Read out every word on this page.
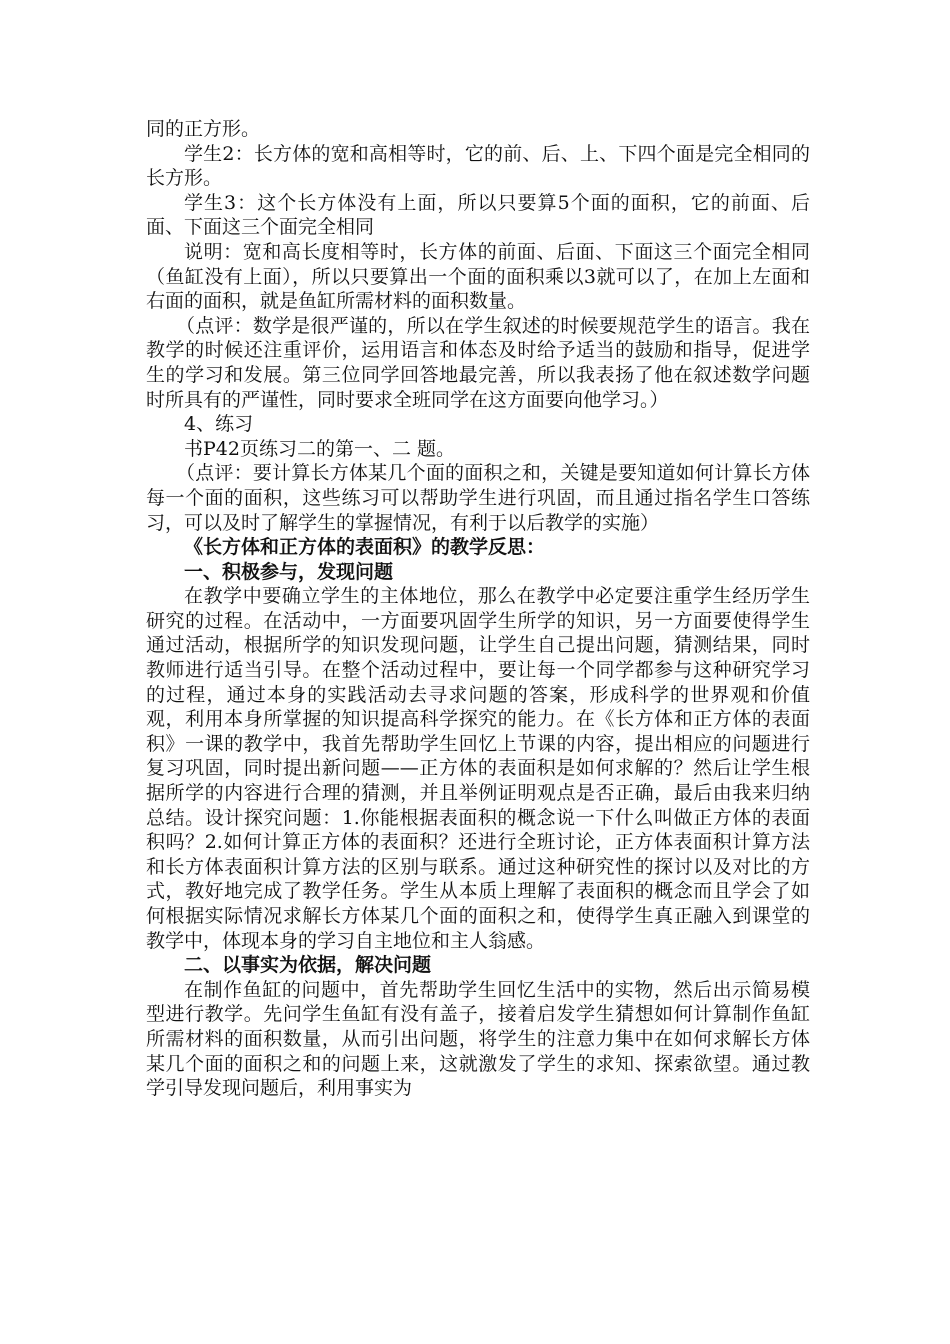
同的正方形。

学生2：长方体的宽和高相等时，它的前、后、上、下四个面是完全相同的长方形。

学生3：这个长方体没有上面，所以只要算5个面的面积，它的前面、后面、下面这三个面完全相同

说明：宽和高长度相等时，长方体的前面、后面、下面这三个面完全相同（鱼缸没有上面），所以只要算出一个面的面积乘以3就可以了，在加上左面和右面的面积，就是鱼缸所需材料的面积数量。

（点评：数学是很严谨的，所以在学生叙述的时候要规范学生的语言。我在教学的时候还注重评价，运用语言和体态及时给予适当的鼓励和指导，促进学生的学习和发展。第三位同学回答地最完善，所以我表扬了他在叙述数学问题时所具有的严谨性，同时要求全班同学在这方面要向他学习。）

4、练习

书P42页练习二的第一、二 题。

（点评：要计算长方体某几个面的面积之和，关键是要知道如何计算长方体每一个面的面积，这些练习可以帮助学生进行巩固，而且通过指名学生口答练习，可以及时了解学生的掌握情况，有利于以后教学的实施）

《长方体和正方体的表面积》的教学反思：

一、积极参与，发现问题

在教学中要确立学生的主体地位，那么在教学中必定要注重学生经历学生研究的过程。在活动中，一方面要巩固学生所学的知识，另一方面要使得学生通过活动，根据所学的知识发现问题，让学生自己提出问题，猜测结果，同时教师进行适当引导。在整个活动过程中，要让每一个同学都参与这种研究学习的过程，通过本身的实践活动去寻求问题的答案，形成科学的世界观和价值观，利用本身所掌握的知识提高科学探究的能力。在《长方体和正方体的表面积》一课的教学中，我首先帮助学生回忆上节课的内容，提出相应的问题进行复习巩固，同时提出新问题——正方体的表面积是如何求解的？然后让学生根据所学的内容进行合理的猜测，并且举例证明观点是否正确，最后由我来归纳总结。设计探究问题：1.你能根据表面积的概念说一下什么叫做正方体的表面积吗？2.如何计算正方体的表面积？还进行全班讨论，正方体表面积计算方法和长方体表面积计算方法的区别与联系。通过这种研究性的探讨以及对比的方式，教好地完成了教学任务。学生从本质上理解了表面积的概念而且学会了如何根据实际情况求解长方体某几个面的面积之和，使得学生真正融入到课堂的教学中，体现本身的学习自主地位和主人翁感。

二、以事实为依据，解决问题

在制作鱼缸的问题中，首先帮助学生回忆生活中的实物，然后出示简易模型进行教学。先问学生鱼缸有没有盖子，接着启发学生猜想如何计算制作鱼缸所需材料的面积数量，从而引出问题，将学生的注意力集中在如何求解长方体某几个面的面积之和的问题上来，这就激发了学生的求知、探索欲望。通过教学引导发现问题后，利用事实为
